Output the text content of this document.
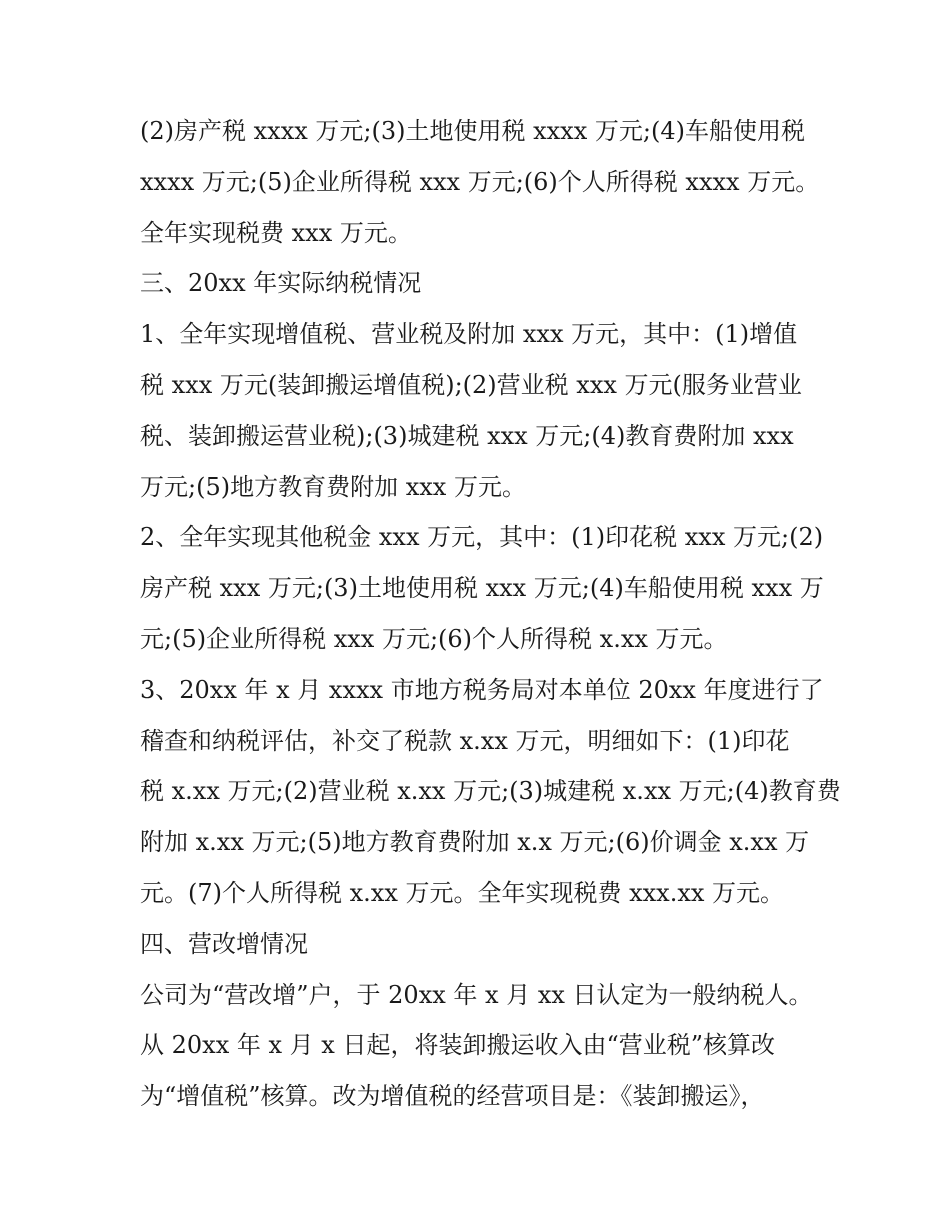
(2)房产税 xxxx 万元;(3)土地使用税 xxxx 万元;(4)车船使用税
xxxx 万元;(5)企业所得税 xxx 万元;(6)个人所得税 xxxx 万元。
全年实现税费 xxx 万元。
三、20xx 年实际纳税情况
1、全年实现增值税、营业税及附加 xxx 万元，其中：(1)增值
税 xxx 万元(装卸搬运增值税);(2)营业税 xxx 万元(服务业营业
税、装卸搬运营业税);(3)城建税 xxx 万元;(4)教育费附加 xxx
万元;(5)地方教育费附加 xxx 万元。
2、全年实现其他税金 xxx 万元，其中：(1)印花税 xxx 万元;(2)
房产税 xxx 万元;(3)土地使用税 xxx 万元;(4)车船使用税 xxx 万
元;(5)企业所得税 xxx 万元;(6)个人所得税 x.xx 万元。
3、20xx 年 x 月 xxxx 市地方税务局对本单位 20xx 年度进行了
稽查和纳税评估，补交了税款 x.xx 万元，明细如下：(1)印花
税 x.xx 万元;(2)营业税 x.xx 万元;(3)城建税 x.xx 万元;(4)教育费
附加 x.xx 万元;(5)地方教育费附加 x.x 万元;(6)价调金 x.xx 万
元。(7)个人所得税 x.xx 万元。全年实现税费 xxx.xx 万元。
四、营改增情况
公司为“营改增”户，于 20xx 年 x 月 xx 日认定为一般纳税人。
从 20xx 年 x 月 x 日起，将装卸搬运收入由“营业税”核算改
为“增值税”核算。改为增值税的经营项目是：《装卸搬运》，
